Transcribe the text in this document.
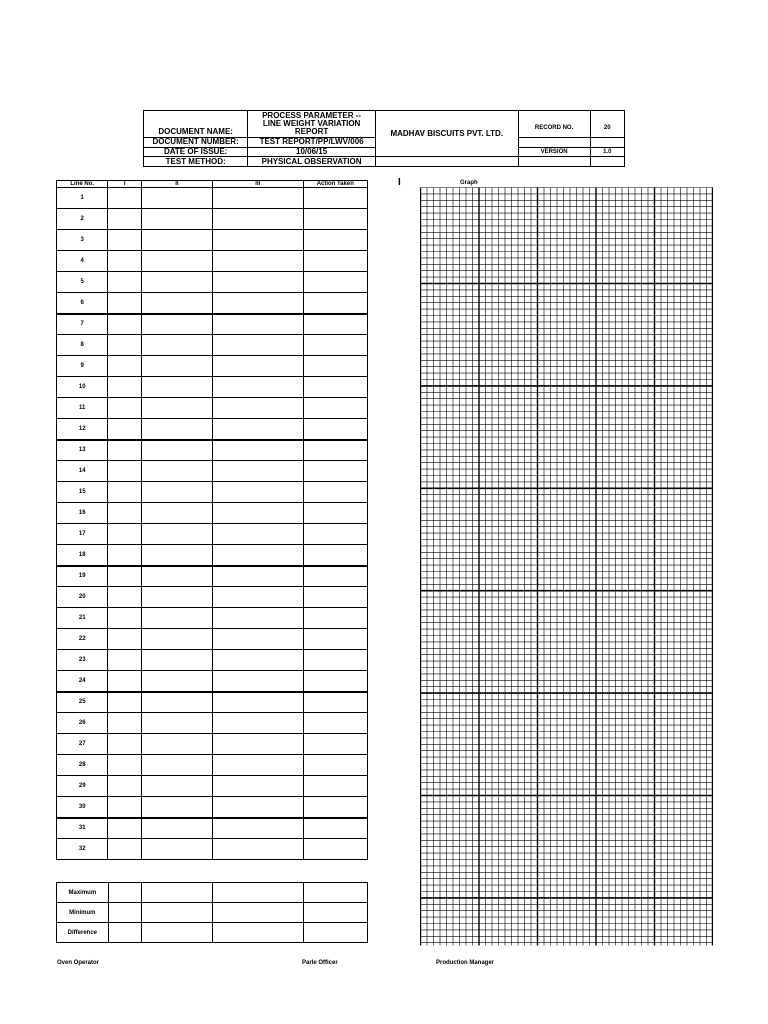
DOCUMENT NAME:	PROCESS PARAMETER --
LINE WEIGHT VARIATION
REPORT	MADHAV BISCUITS PVT. LTD.	RECORD NO.	20
DOCUMENT NUMBER:	TEST REPORT/PP/LWV/006			
DATE OF ISSUE:	10/06/15		VERSION	1.0
TEST METHOD:	PHYSICAL OBSERVATION			
Line No.	I	II	III	Action Taken
1				
2				
3				
4				
5				
6				
7				
8				
9				
10				
11				
12				
13				
14				
15				
16				
17				
18				
19				
20				
21				
22				
23				
24				
25				
26				
27				
28				
29				
30				
31				
32				
Maximum				
Minimum				
Difference				
I	Graph
Oven Operator	Parle Officer	Production Manager
